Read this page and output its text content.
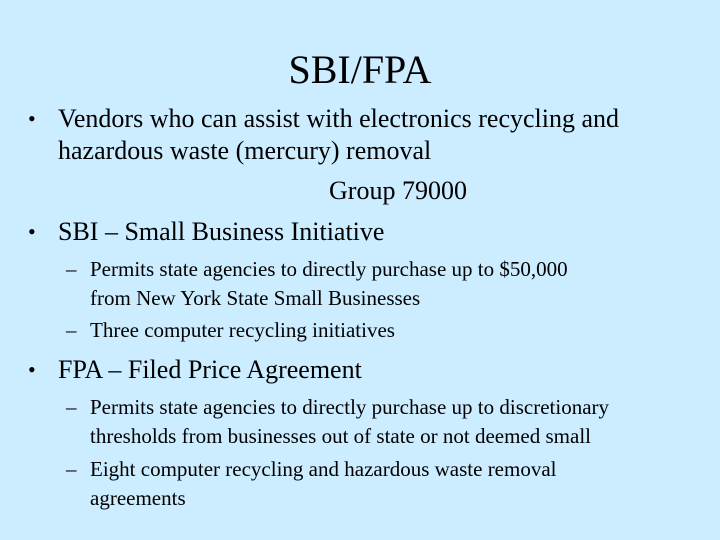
SBI/FPA
• Vendors who can assist with electronics recycling and
hazardous waste (mercury) removal
Group 79000
• SBI – Small Business Initiative
– Permits state agencies to directly purchase up to $50,000
from New York State Small Businesses
– Three computer recycling initiatives
• FPA – Filed Price Agreement
– Permits state agencies to directly purchase up to discretionary
thresholds from businesses out of state or not deemed small
– Eight computer recycling and hazardous waste removal
agreements
